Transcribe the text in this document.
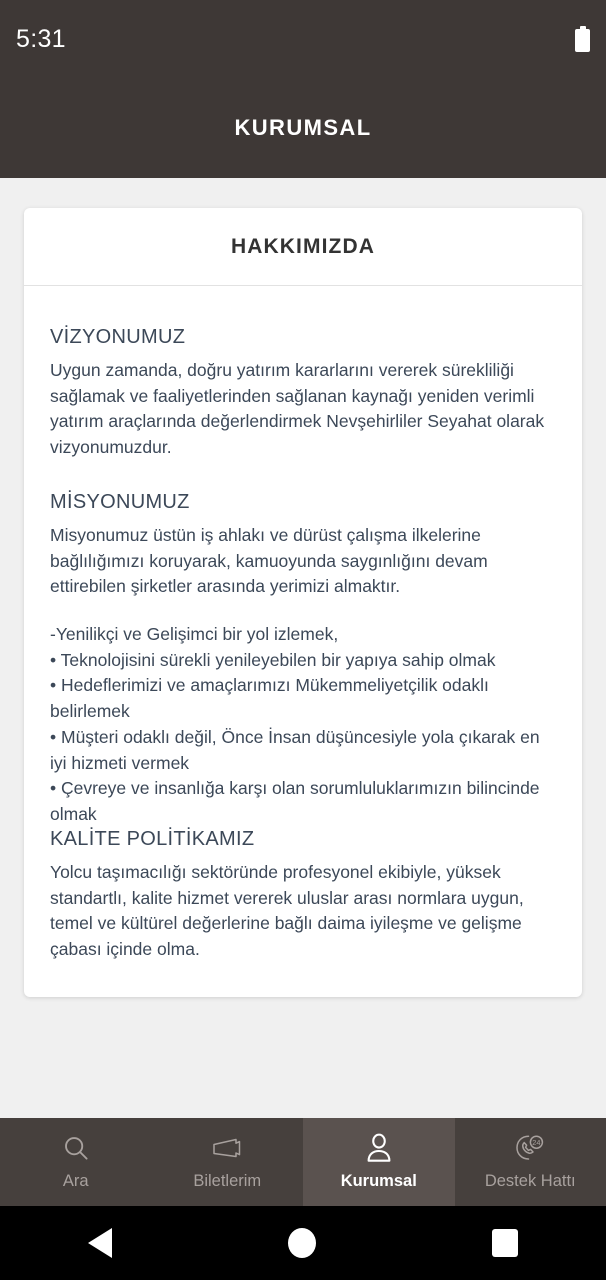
5:31
KURUMSAL
HAKKIMIZDA
VİZYONUMUZ
Uygun zamanda, doğru yatırım kararlarını vererek sürekliliği sağlamak ve faaliyetlerinden sağlanan kaynağı yeniden verimli yatırım araçlarında değerlendirmek Nevşehirliler Seyahat olarak vizyonumuzdur.
MİSYONUMUZ
Misyonumuz üstün iş ahlakı ve dürüst çalışma ilkelerine bağlılığımızı koruyarak, kamuoyunda saygınlığını devam ettirebilen şirketler arasında yerimizi almaktır.
-Yenilikçi ve Gelişimci bir yol izlemek,
• Teknolojisini sürekli yenileyebilen bir yapıya sahip olmak
• Hedeflerimizi ve amaçlarımızı Mükemmeliyetçilik odaklı belirlemek
• Müşteri odaklı değil, Önce İnsan düşüncesiyle yola çıkarak en iyi hizmeti vermek
• Çevreye ve insanlığa karşı olan sorumluluklarımızın bilincinde olmak
KALİTE POLİTİKAMIZ
Yolcu taşımacılığı sektöründe profesyonel ekibiyle, yüksek standartlı, kalite hizmet vererek uluslar arası normlara uygun, temel ve kültürel değerlerine bağlı daima iyileşme ve gelişme çabası içinde olma.
Ara	Biletlerim	Kurumsal
24
Destek Hattı
